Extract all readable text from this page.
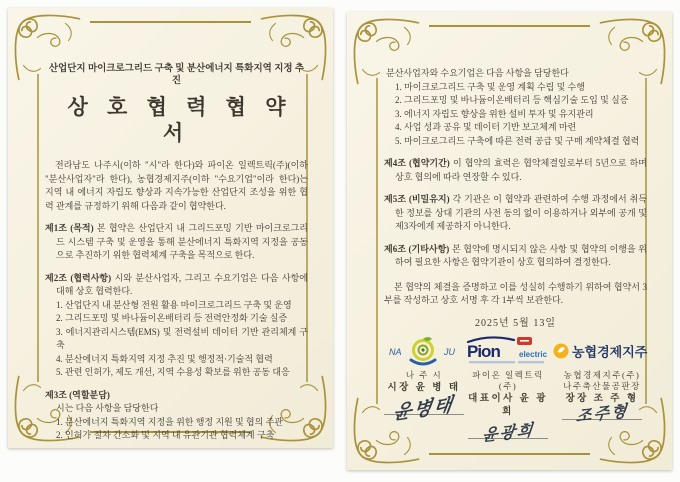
산업단지 마이크로그리드 구축 및 분산에너지 특화지역 지정 추진
상 호 협 력 협 약 서

전라남도 나주시(이하 "시"라 한다)와 파이온 일렉트릭(주)(이하 "분산사업자"라 한다), 농협경제지주(이하 "수요기업"이라 한다)는 지역 내 에너지 자립도 향상과 지속가능한 산업단지 조성을 위한 협력 관계를 규정하기 위해 다음과 같이 협약한다.

제1조 (목적) 본 협약은 산업단지 내 그리드포밍 기반 마이크로그리드 시스템 구축 및 운영을 통해 분산에너지 특화지역 지정을 공동으로 추진하기 위한 협력체계 구축을 목적으로 한다.

제2조 (협력사항) 시와 분산사업자, 그리고 수요기업은 다음 사항에 대해 상호 협력한다.

1. 산업단지 내 분산형 전원 활용 마이크로그리드 구축 및 운영
2. 그리드포밍 및 바나듐이온배터리 등 전력안정화 기술 실증
3. 에너지관리시스템(EMS) 및 전력설비 데이터 기반 관리체계 구축
4. 분산에너지 특화지역 지정 추진 및 행정적·기술적 협력
5. 관련 인허가, 제도 개선, 지역 수용성 확보를 위한 공동 대응

제3조 (역할분담)

시는 다음 사항을 담당한다
1. 분산에너지 특화지역 지정을 위한 행정 지원 및 협의 주관
2. 인허가 절차 간소화 및 지역 내 유관기관 협력체계 구축
분산사업자와 수요기업은 다음 사항을 담당한다
1. 마이크로그리드 구축 및 운영 계획 수립 및 수행
2. 그리드포밍 및 바나듐이온배터리 등 핵심기술 도입 및 실증
3. 에너지 자립도 향상을 위한 설비 투자 및 유지관리
4. 사업 성과 공유 및 데이터 기반 보고체계 마련
5. 마이크로그리드 구축에 따른 전력 공급 및 구매 계약체결 협력

제4조 (협약기간) 이 협약의 효력은 협약체결일로부터 5년으로 하며 상호 협의에 따라 연장할 수 있다.

제5조 (비밀유지) 각 기관은 이 협약과 관련하여 수행 과정에서 취득한 정보를 상대 기관의 사전 동의 없이 이용하거나 외부에 공개 및 제3자에게 제공하지 아니한다.

제6조 (기타사항) 본 협약에 명시되지 않은 사항 및 협약의 이행을 위하여 필요한 사항은 협약기관이 상호 협의하여 결정한다.

본 협약의 체결을 증명하고 이를 성실히 수행하기 위하여 협약서 3부를 작성하고 상호 서명 후 각 1부씩 보관한다.

2025년 5월 13일
NA	JU
나 주 시
시장 윤 병 태
윤병태
Pion electric
파이온 일렉트릭(주)
대표이사 윤 광 희
윤광희
농협경제지주
농협경제지주(주)
나주축산물공판장
장장 조 주 형
조주형
